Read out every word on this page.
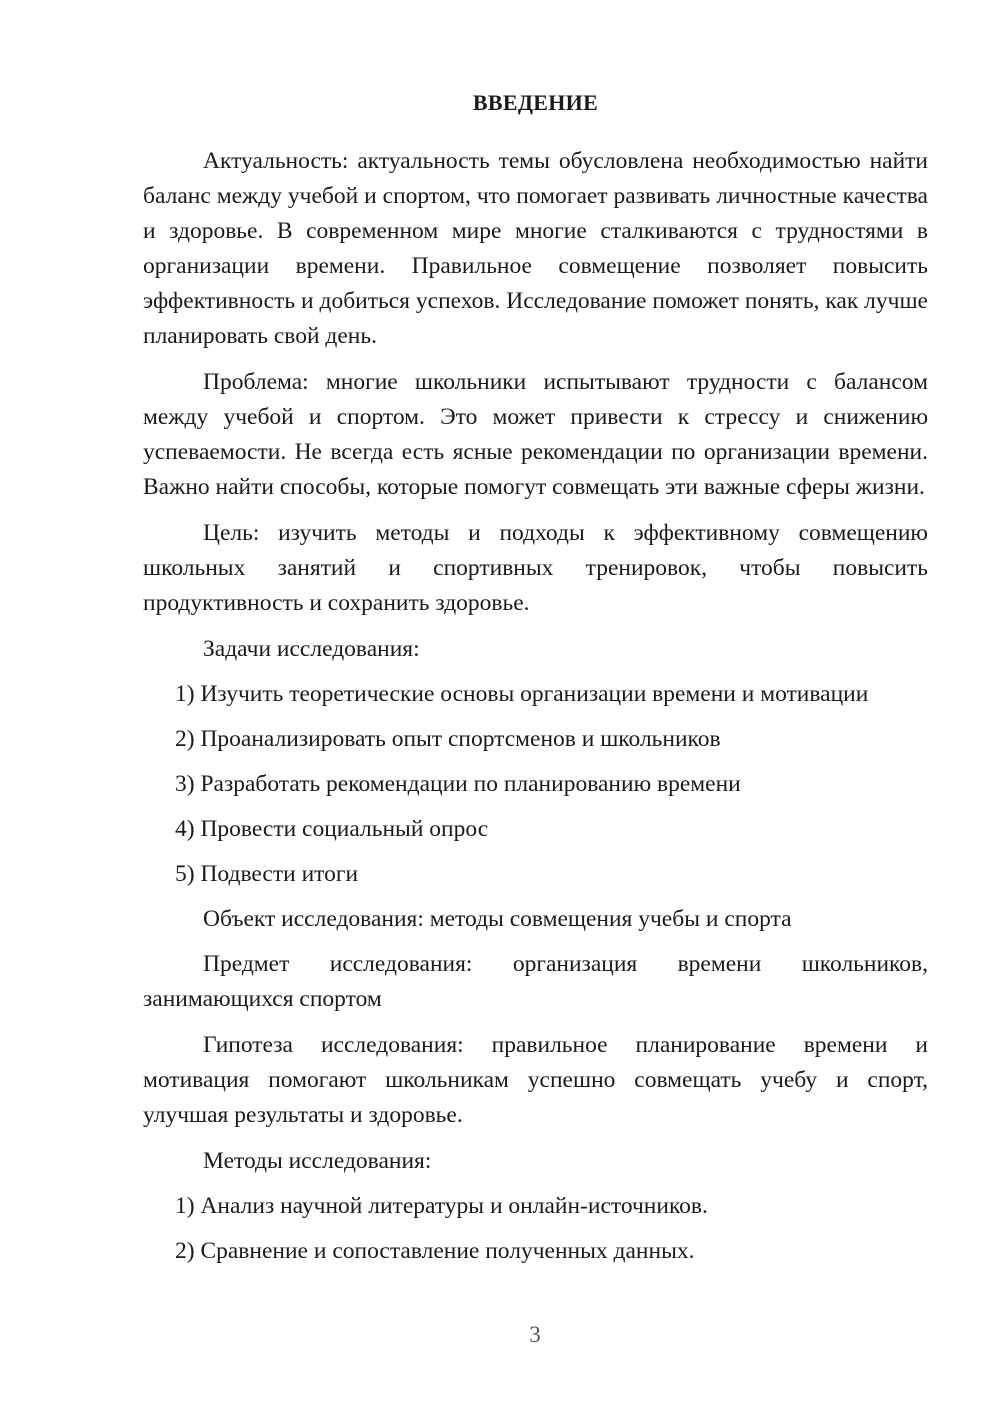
ВВЕДЕНИЕ

Актуальность: актуальность темы обусловлена необходимостью найти баланс между учебой и спортом, что помогает развивать личностные качества и здоровье. В современном мире многие сталкиваются с трудностями в организации времени. Правильное совмещение позволяет повысить эффективность и добиться успехов. Исследование поможет понять, как лучше планировать свой день.

Проблема: многие школьники испытывают трудности с балансом между учебой и спортом. Это может привести к стрессу и снижению успеваемости. Не всегда есть ясные рекомендации по организации времени. Важно найти способы, которые помогут совмещать эти важные сферы жизни.

Цель: изучить методы и подходы к эффективному совмещению школьных занятий и спортивных тренировок, чтобы повысить продуктивность и сохранить здоровье.

Задачи исследования:

1) Изучить теоретические основы организации времени и мотивации
2) Проанализировать опыт спортсменов и школьников
3) Разработать рекомендации по планированию времени
4) Провести социальный опрос
5) Подвести итоги

Объект исследования: методы совмещения учебы и спорта

Предмет исследования: организация времени школьников, занимающихся спортом

Гипотеза исследования: правильное планирование времени и мотивация помогают школьникам успешно совмещать учебу и спорт, улучшая результаты и здоровье.

Методы исследования:

1) Анализ научной литературы и онлайн-источников.
2) Сравнение и сопоставление полученных данных.
3
